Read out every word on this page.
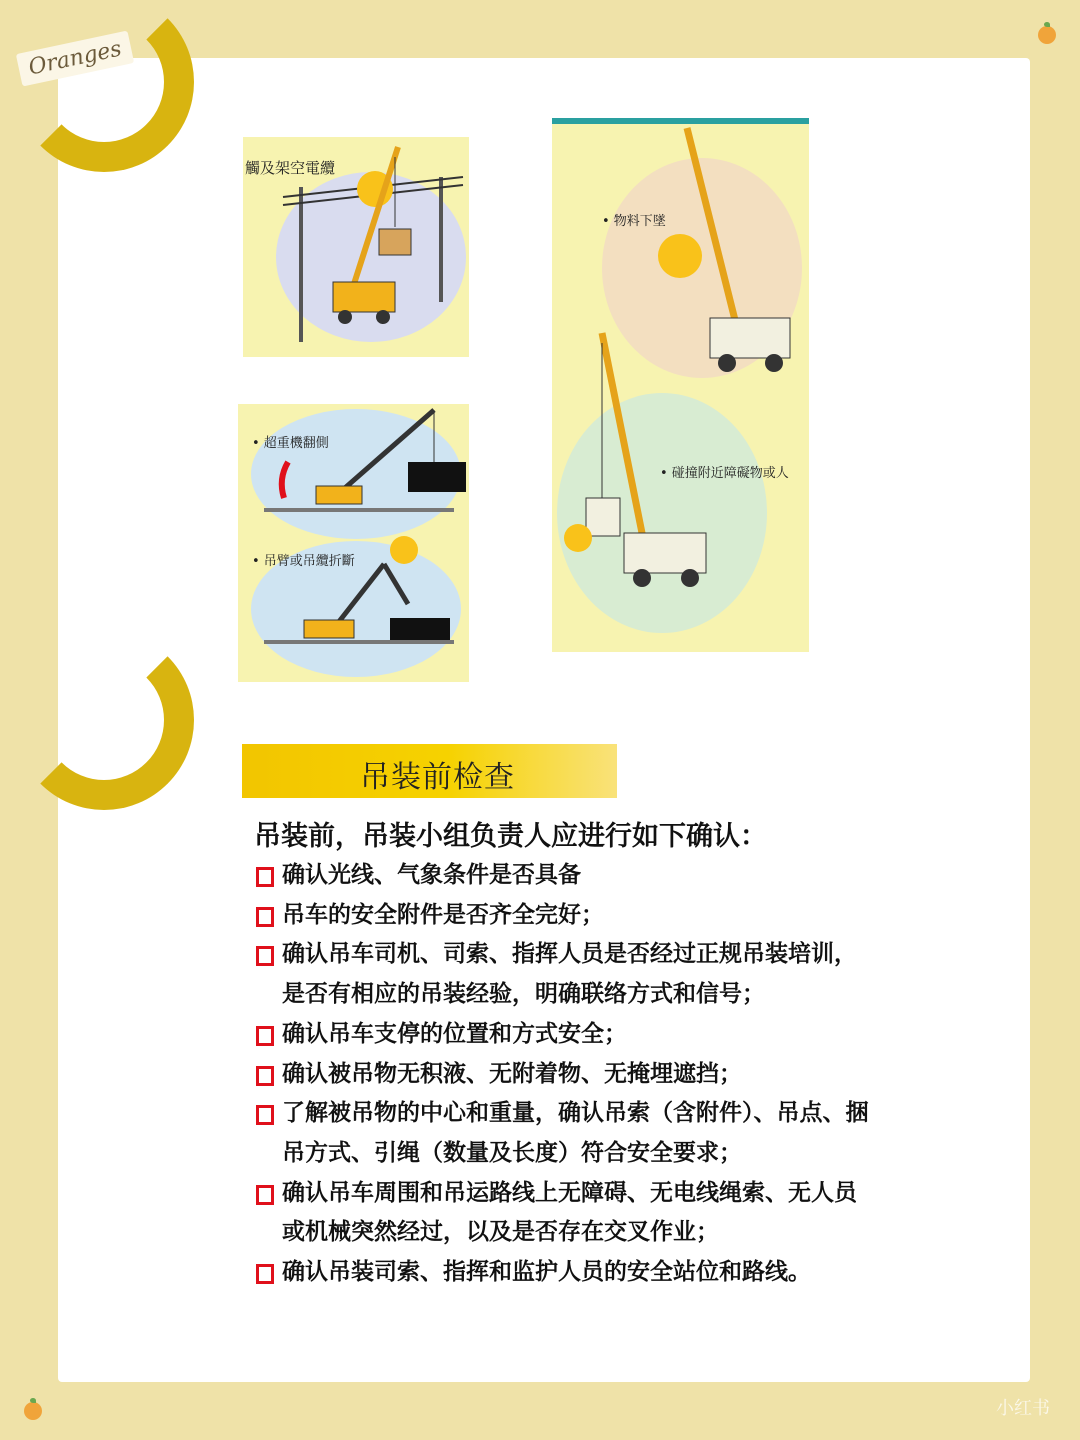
Oranges
觸及架空電纜
• 超重機翻側
• 吊臂或吊纜折斷
• 物料下墜
• 碰撞附近障礙物或人
吊装前检查
吊装前，吊装小组负责人应进行如下确认：
确认光线、气象条件是否具备
吊车的安全附件是否齐全完好；
确认吊车司机、司索、指挥人员是否经过正规吊装培训，是否有相应的吊装经验，明确联络方式和信号；
确认吊车支停的位置和方式安全；
确认被吊物无积液、无附着物、无掩埋遮挡；
了解被吊物的中心和重量，确认吊索（含附件）、吊点、捆吊方式、引绳（数量及长度）符合安全要求；
确认吊车周围和吊运路线上无障碍、无电线绳索、无人员或机械突然经过，以及是否存在交叉作业；
确认吊装司索、指挥和监护人员的安全站位和路线。
小红书
